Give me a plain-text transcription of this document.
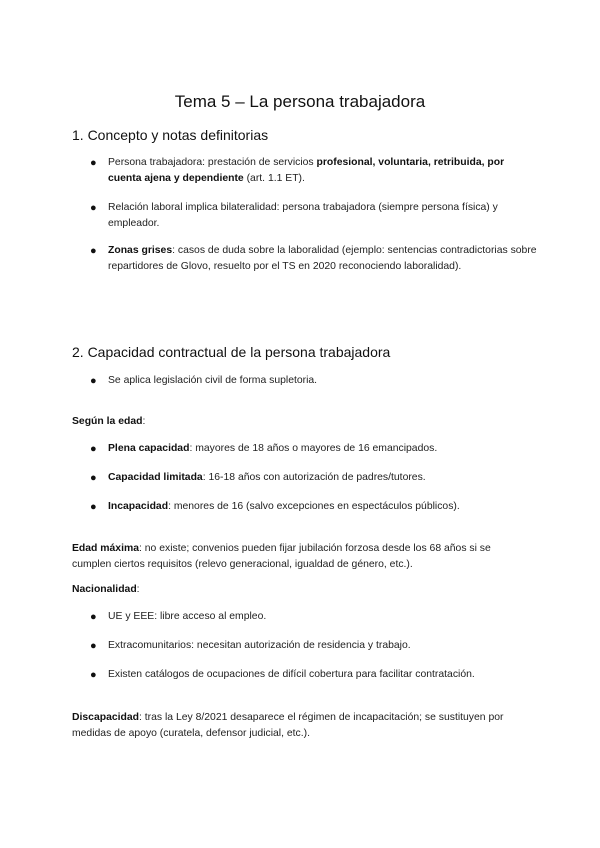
Tema 5 – La persona trabajadora
1. Concepto y notas definitorias
● Persona trabajadora: prestación de servicios profesional, voluntaria, retribuida, por cuenta ajena y dependiente (art. 1.1 ET).
● Relación laboral implica bilateralidad: persona trabajadora (siempre persona física) y empleador.
● Zonas grises: casos de duda sobre la laboralidad (ejemplo: sentencias contradictorias sobre repartidores de Glovo, resuelto por el TS en 2020 reconociendo laboralidad).
2. Capacidad contractual de la persona trabajadora
● Se aplica legislación civil de forma supletoria.
Según la edad:
● Plena capacidad: mayores de 18 años o mayores de 16 emancipados.
● Capacidad limitada: 16-18 años con autorización de padres/tutores.
● Incapacidad: menores de 16 (salvo excepciones en espectáculos públicos).
Edad máxima: no existe; convenios pueden fijar jubilación forzosa desde los 68 años si se cumplen ciertos requisitos (relevo generacional, igualdad de género, etc.).
Nacionalidad:
● UE y EEE: libre acceso al empleo.
● Extracomunitarios: necesitan autorización de residencia y trabajo.
● Existen catálogos de ocupaciones de difícil cobertura para facilitar contratación.
Discapacidad: tras la Ley 8/2021 desaparece el régimen de incapacitación; se sustituyen por medidas de apoyo (curatela, defensor judicial, etc.).
